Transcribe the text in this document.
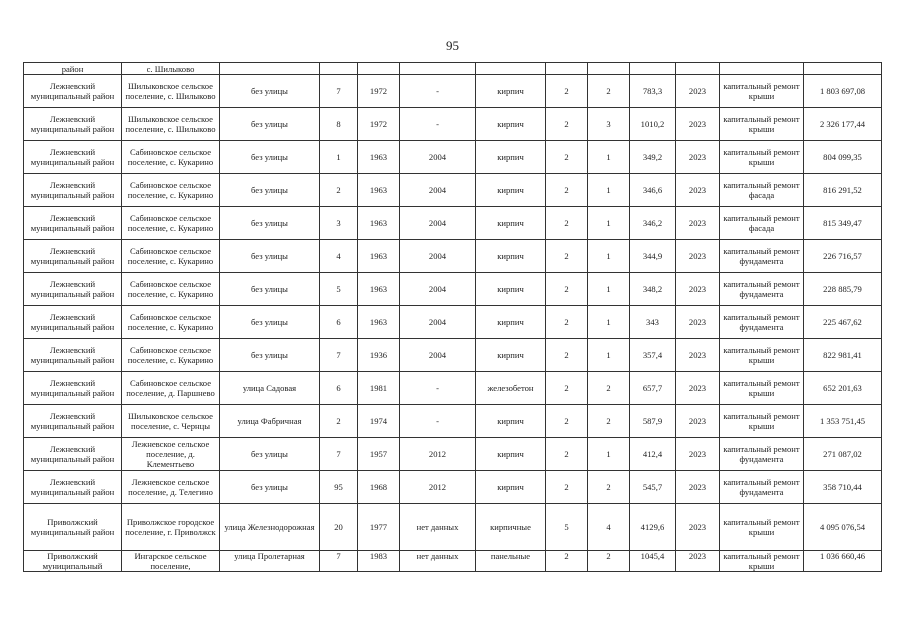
95
район	с. Шилыково											
Лежневский муниципальный район	Шилыковское сельское поселение, с. Шилыково	без улицы	7	1972	-	кирпич	2	2	783,3	2023	капитальный ремонт крыши	1 803 697,08
Лежневский муниципальный район	Шилыковское сельское поселение, с. Шилыково	без улицы	8	1972	-	кирпич	2	3	1010,2	2023	капитальный ремонт крыши	2 326 177,44
Лежневский муниципальный район	Сабиновское сельское поселение, с. Кукарино	без улицы	1	1963	2004	кирпич	2	1	349,2	2023	капитальный ремонт крыши	804 099,35
Лежневский муниципальный район	Сабиновское сельское поселение, с. Кукарино	без улицы	2	1963	2004	кирпич	2	1	346,6	2023	капитальный ремонт фасада	816 291,52
Лежневский муниципальный район	Сабиновское сельское поселение, с. Кукарино	без улицы	3	1963	2004	кирпич	2	1	346,2	2023	капитальный ремонт фасада	815 349,47
Лежневский муниципальный район	Сабиновское сельское поселение, с. Кукарино	без улицы	4	1963	2004	кирпич	2	1	344,9	2023	капитальный ремонт фундамента	226 716,57
Лежневский муниципальный район	Сабиновское сельское поселение, с. Кукарино	без улицы	5	1963	2004	кирпич	2	1	348,2	2023	капитальный ремонт фундамента	228 885,79
Лежневский муниципальный район	Сабиновское сельское поселение, с. Кукарино	без улицы	6	1963	2004	кирпич	2	1	343	2023	капитальный ремонт фундамента	225 467,62
Лежневский муниципальный район	Сабиновское сельское поселение, с. Кукарино	без улицы	7	1936	2004	кирпич	2	1	357,4	2023	капитальный ремонт крыши	822 981,41
Лежневский муниципальный район	Сабиновское сельское поселение, д. Паршнево	улица Садовая	6	1981	-	железобетон	2	2	657,7	2023	капитальный ремонт крыши	652 201,63
Лежневский муниципальный район	Шилыковское сельское поселение, с. Чернцы	улица Фабричная	2	1974	-	кирпич	2	2	587,9	2023	капитальный ремонт крыши	1 353 751,45
Лежневский муниципальный район	Лежневское сельское поселение, д. Клементьево	без улицы	7	1957	2012	кирпич	2	1	412,4	2023	капитальный ремонт фундамента	271 087,02
Лежневский муниципальный район	Лежневское сельское поселение, д. Телегино	без улицы	95	1968	2012	кирпич	2	2	545,7	2023	капитальный ремонт фундамента	358 710,44
Приволжский муниципальный район	Приволжское городское поселение, г. Приволжск	улица Железнодорожная	20	1977	нет данных	кирпичные	5	4	4129,6	2023	капитальный ремонт крыши	4 095 076,54
Приволжский муниципальный	Ингарское сельское поселение,	улица Пролетарная	7	1983	нет данных	панельные	2	2	1045,4	2023	капитальный ремонт крыши	1 036 660,46
